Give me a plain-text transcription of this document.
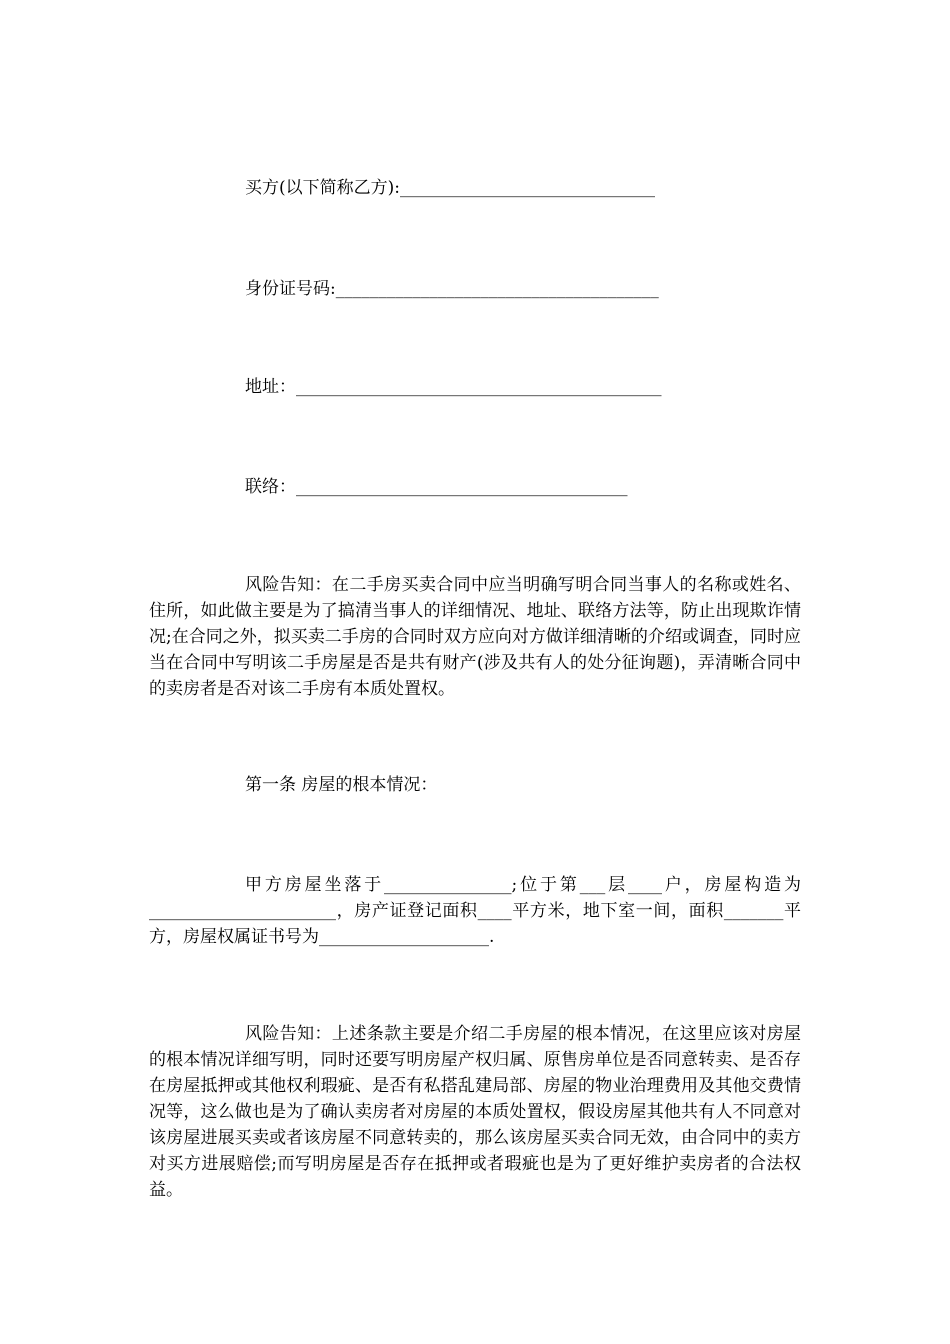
买方(以下简称乙方):______________________________
身份证号码:______________________________________
地址：___________________________________________
联络：_______________________________________
风险告知：在二手房买卖合同中应当明确写明合同当事人的名称或姓名、住所，如此做主要是为了搞清当事人的详细情况、地址、联络方法等，防止出现欺诈情况;在合同之外，拟买卖二手房的合同时双方应向对方做详细清晰的介绍或调查，同时应当在合同中写明该二手房屋是否是共有财产(涉及共有人的处分征询题)，弄清晰合同中的卖房者是否对该二手房有本质处置权。
第一条 房屋的根本情况：
甲方房屋坐落于_______________;位于第___层____户，房屋构造为______________________，房产证登记面积____平方米，地下室一间，面积_______平方，房屋权属证书号为____________________.
风险告知：上述条款主要是介绍二手房屋的根本情况，在这里应该对房屋的根本情况详细写明，同时还要写明房屋产权归属、原售房单位是否同意转卖、是否存在房屋抵押或其他权利瑕疵、是否有私搭乱建局部、房屋的物业治理费用及其他交费情况等，这么做也是为了确认卖房者对房屋的本质处置权，假设房屋其他共有人不同意对该房屋进展买卖或者该房屋不同意转卖的，那么该房屋买卖合同无效，由合同中的卖方对买方进展赔偿;而写明房屋是否存在抵押或者瑕疵也是为了更好维护卖房者的合法权益。
